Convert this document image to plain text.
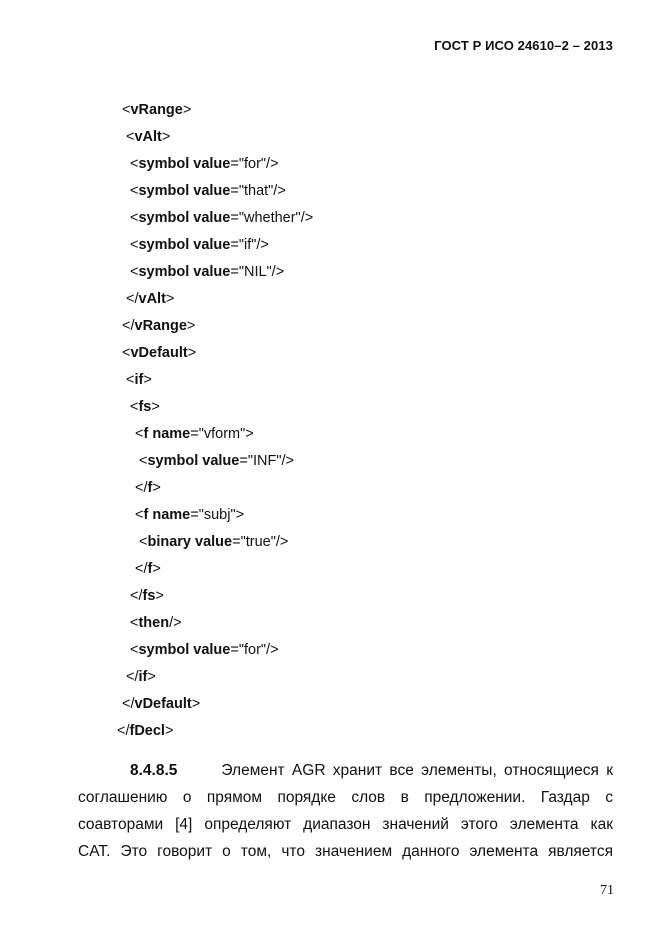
ГОСТ Р ИСО 24610–2 – 2013
<vRange>
<vAlt>
<symbol value="for"/>
<symbol value="that"/>
<symbol value="whether"/>
<symbol value="if"/>
<symbol value="NIL"/>
</vAlt>
</vRange>
<vDefault>
<if>
<fs>
<f name="vform">
<symbol value="INF"/>
</f>
<f name="subj">
<binary value="true"/>
</f>
</fs>
<then/>
<symbol value="for"/>
</if>
</vDefault>
</fDecl>
8.4.8.5	Элемент AGR хранит все элементы, относящиеся к
соглашению о прямом порядке слов в предложении. Газдар с
соавторами [4] определяют диапазон значений этого элемента как
CAT. Это говорит о том, что значением данного элемента является
71
